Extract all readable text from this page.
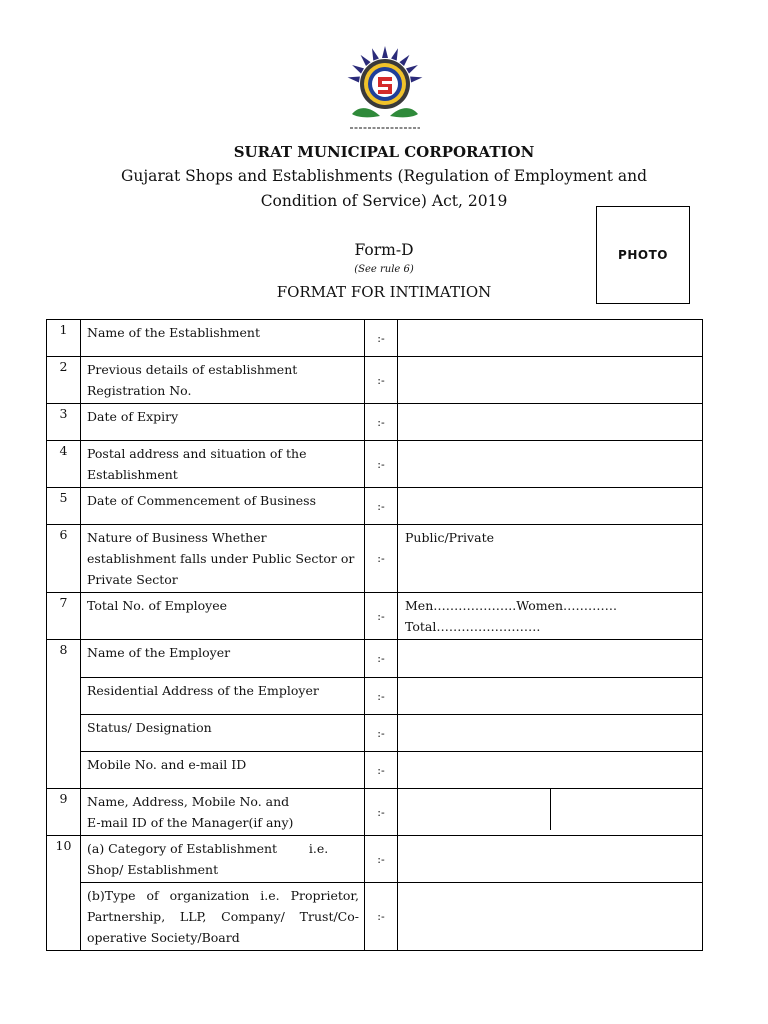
SURAT MUNICIPAL CORPORATION
Gujarat Shops and Establishments (Regulation of Employment and
Condition of Service) Act, 2019
Form-D
(See rule 6)
FORMAT FOR INTIMATION
PHOTO
1	Name of the Establishment	:-	
2	Previous details of establishment Registration No.	:-	
3	Date of Expiry	:-	
4	Postal address and situation of the Establishment	:-	
5	Date of Commencement of Business	:-	
6	Nature of Business Whether establishment falls under Public Sector or Private Sector	:-	Public/Private
7	Total No. of Employee	:-	Men………………..Women………….
Total…………………….

8	Name of the Employer	:-	
	Residential Address of the Employer	:-	
	Status/ Designation	:-	
	Mobile No. and e-mail ID	:-	
9	Name, Address, Mobile No. and
E-mail ID of the Manager(if any)	:-	

10	(a) Category of Establishment        i.e. Shop/ Establishment	:-	
	(b)Type of organization i.e. Proprietor, Partnership, LLP, Company/ Trust/Co-operative Society/Board	:-	
